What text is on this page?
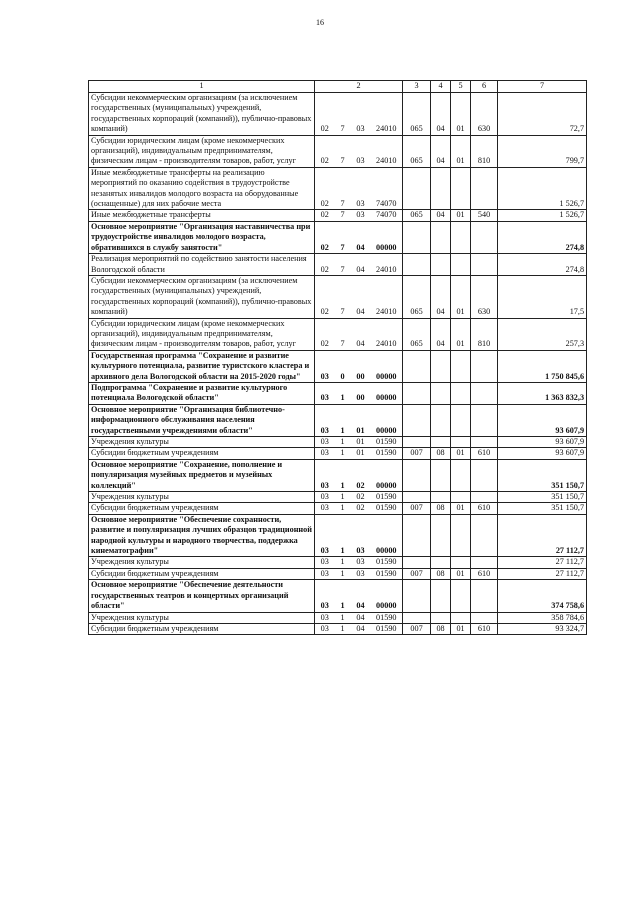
16
1	2				3	4	5	6	7
Субсидии некоммерческим организациям (за исключением государственных (муниципальных) учреждений, государственных корпораций (компаний)), публично-правовых компаний)	02	7	03	24010	065	04	01	630	72,7
Субсидии юридическим лицам (кроме некоммерческих организаций), индивидуальным предпринимателям, физическим лицам - производителям товаров, работ, услуг	02	7	03	24010	065	04	01	810	799,7
Иные межбюджетные трансферты на реализацию мероприятий по оказанию содействия в трудоустройстве незанятых инвалидов молодого возраста на оборудованные (оснащенные) для них рабочие места	02	7	03	74070					1 526,7
Иные межбюджетные трансферты	02	7	03	74070	065	04	01	540	1 526,7
Основное мероприятие "Организация наставничества при трудоустройстве инвалидов молодого возраста, обратившихся в службу занятости"	02	7	04	00000					274,8
Реализация мероприятий по содействию занятости населения Вологодской области	02	7	04	24010					274,8
Субсидии некоммерческим организациям (за исключением государственных (муниципальных) учреждений, государственных корпораций (компаний)), публично-правовых компаний)	02	7	04	24010	065	04	01	630	17,5
Субсидии юридическим лицам (кроме некоммерческих организаций), индивидуальным предпринимателям, физическим лицам - производителям товаров, работ, услуг	02	7	04	24010	065	04	01	810	257,3
Государственная программа "Сохранение и развитие культурного потенциала, развитие туристского кластера и архивного дела Вологодской области на 2015-2020 годы"	03	0	00	00000					1 750 845,6
Подпрограмма "Сохранение и развитие культурного потенциала Вологодской области"	03	1	00	00000					1 363 832,3
Основное мероприятие "Организация библиотечно-информационного обслуживания населения государственными учреждениями области"	03	1	01	00000					93 607,9
Учреждения культуры	03	1	01	01590					93 607,9
Субсидии бюджетным учреждениям	03	1	01	01590	007	08	01	610	93 607,9
Основное мероприятие "Сохранение, пополнение и популяризация музейных предметов и музейных коллекций"	03	1	02	00000					351 150,7
Учреждения культуры	03	1	02	01590					351 150,7
Субсидии бюджетным учреждениям	03	1	02	01590	007	08	01	610	351 150,7
Основное мероприятие "Обеспечение сохранности, развитие и популяризация лучших образцов традиционной народной культуры и народного творчества, поддержка кинематографии"	03	1	03	00000					27 112,7
Учреждения культуры	03	1	03	01590					27 112,7
Субсидии бюджетным учреждениям	03	1	03	01590	007	08	01	610	27 112,7
Основное мероприятие "Обеспечение деятельности государственных театров и концертных организаций области"	03	1	04	00000					374 758,6
Учреждения культуры	03	1	04	01590					358 784,6
Субсидии бюджетным учреждениям	03	1	04	01590	007	08	01	610	93 324,7
